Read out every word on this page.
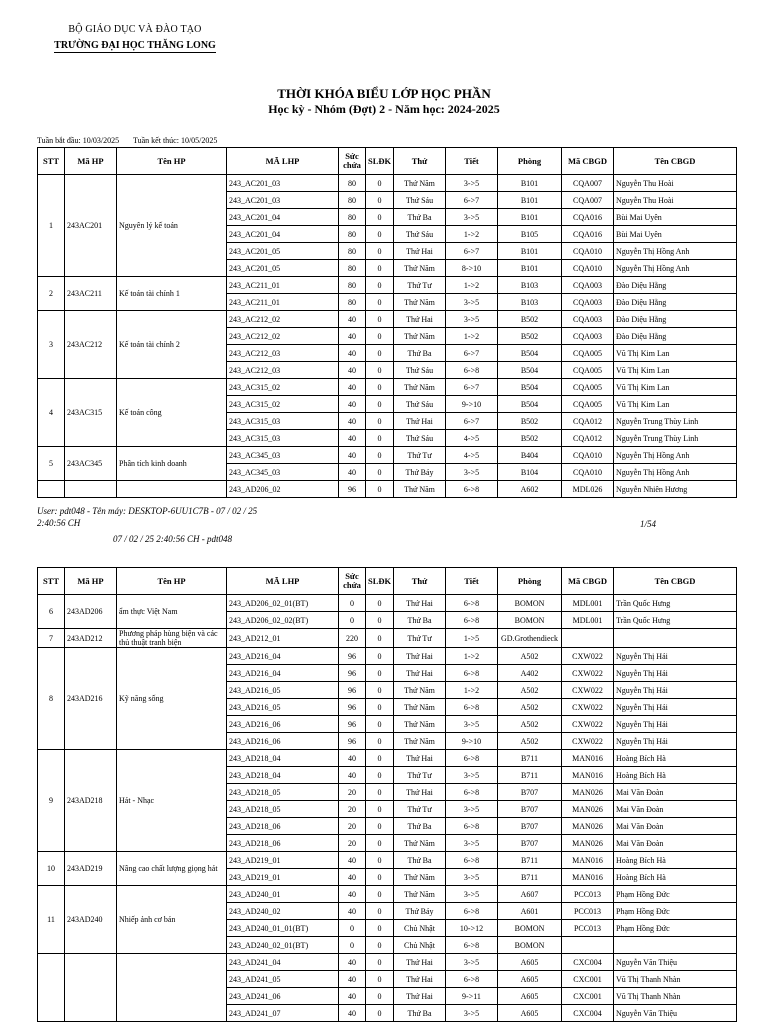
BỘ GIÁO DỤC VÀ ĐÀO TẠO
TRƯỜNG ĐẠI HỌC THĂNG LONG
THỜI KHÓA BIỂU LỚP HỌC PHẦN
Học kỳ - Nhóm (Đợt) 2 - Năm học: 2024-2025
Tuần bắt đầu: 10/03/2025 Tuần kết thúc: 10/05/2025
STT	Mã HP	Tên HP	MÃ LHP	Sức chứa	SLĐK	Thứ	Tiết	Phòng	Mã CBGD	Tên CBGD
1	243AC201	Nguyên lý kế toán	243_AC201_03	80	0	Thứ Năm	3->5	B101	CQA007	Nguyễn Thu Hoài
			243_AC201_03	80	0	Thứ Sáu	6->7	B101	CQA007	Nguyễn Thu Hoài
			243_AC201_04	80	0	Thứ Ba	3->5	B101	CQA016	Bùi Mai Uyên
			243_AC201_04	80	0	Thứ Sáu	1->2	B105	CQA016	Bùi Mai Uyên
			243_AC201_05	80	0	Thứ Hai	6->7	B101	CQA010	Nguyễn Thị Hồng Anh
			243_AC201_05	80	0	Thứ Năm	8->10	B101	CQA010	Nguyễn Thị Hồng Anh
2	243AC211	Kế toán tài chính 1	243_AC211_01	80	0	Thứ Tư	1->2	B103	CQA003	Đào Diệu Hằng
			243_AC211_01	80	0	Thứ Năm	3->5	B103	CQA003	Đào Diệu Hằng
3	243AC212	Kế toán tài chính 2	243_AC212_02	40	0	Thứ Hai	3->5	B502	CQA003	Đào Diệu Hằng
			243_AC212_02	40	0	Thứ Năm	1->2	B502	CQA003	Đào Diệu Hằng
			243_AC212_03	40	0	Thứ Ba	6->7	B504	CQA005	Vũ Thị Kim Lan
			243_AC212_03	40	0	Thứ Sáu	6->8	B504	CQA005	Vũ Thị Kim Lan
4	243AC315	Kế toán công	243_AC315_02	40	0	Thứ Năm	6->7	B504	CQA005	Vũ Thị Kim Lan
			243_AC315_02	40	0	Thứ Sáu	9->10	B504	CQA005	Vũ Thị Kim Lan
			243_AC315_03	40	0	Thứ Hai	6->7	B502	CQA012	Nguyễn Trung Thùy Linh
			243_AC315_03	40	0	Thứ Sáu	4->5	B502	CQA012	Nguyễn Trung Thùy Linh
5	243AC345	Phân tích kinh doanh	243_AC345_03	40	0	Thứ Tư	4->5	B404	CQA010	Nguyễn Thị Hồng Anh
			243_AC345_03	40	0	Thứ Bảy	3->5	B104	CQA010	Nguyễn Thị Hồng Anh
			243_AD206_02	96	0	Thứ Năm	6->8	A602	MDL026	Nguyễn Nhiên Hương
User: pdt048 - Tên máy: DESKTOP-6UU1C7B - 07 / 02 / 25
2:40:56 CH	1/54
07 / 02 / 25 2:40:56 CH - pdt048
STT	Mã HP	Tên HP	MÃ LHP	Sức chứa	SLĐK	Thứ	Tiết	Phòng	Mã CBGD	Tên CBGD
6	243AD206	ẩm thực Việt Nam	243_AD206_02_01(BT)	0	0	Thứ Hai	6->8	BOMON	MDL001	Trần Quốc Hưng
			243_AD206_02_02(BT)	0	0	Thứ Ba	6->8	BOMON	MDL001	Trần Quốc Hưng
7	243AD212	Phương pháp hùng biện và các thủ thuật tranh biện	243_AD212_01	220	0	Thứ Tư	1->5	GD.Grothendieck		
8	243AD216	Kỹ năng sống	243_AD216_04	96	0	Thứ Hai	1->2	A502	CXW022	Nguyễn Thị Hải
			243_AD216_04	96	0	Thứ Hai	6->8	A402	CXW022	Nguyễn Thị Hải
			243_AD216_05	96	0	Thứ Năm	1->2	A502	CXW022	Nguyễn Thị Hải
			243_AD216_05	96	0	Thứ Năm	6->8	A502	CXW022	Nguyễn Thị Hải
			243_AD216_06	96	0	Thứ Năm	3->5	A502	CXW022	Nguyễn Thị Hải
			243_AD216_06	96	0	Thứ Năm	9->10	A502	CXW022	Nguyễn Thị Hải
9	243AD218	Hát - Nhạc	243_AD218_04	40	0	Thứ Hai	6->8	B711	MAN016	Hoàng Bích Hà
			243_AD218_04	40	0	Thứ Tư	3->5	B711	MAN016	Hoàng Bích Hà
			243_AD218_05	20	0	Thứ Hai	6->8	B707	MAN026	Mai Văn Đoàn
			243_AD218_05	20	0	Thứ Tư	3->5	B707	MAN026	Mai Văn Đoàn
			243_AD218_06	20	0	Thứ Ba	6->8	B707	MAN026	Mai Văn Đoàn
			243_AD218_06	20	0	Thứ Năm	3->5	B707	MAN026	Mai Văn Đoàn
10	243AD219	Nâng cao chất lượng giọng hát	243_AD219_01	40	0	Thứ Ba	6->8	B711	MAN016	Hoàng Bích Hà
			243_AD219_01	40	0	Thứ Năm	3->5	B711	MAN016	Hoàng Bích Hà
11	243AD240	Nhiếp ảnh cơ bản	243_AD240_01	40	0	Thứ Năm	3->5	A607	PCC013	Phạm Hồng Đức
			243_AD240_02	40	0	Thứ Bảy	6->8	A601	PCC013	Phạm Hồng Đức
			243_AD240_01_01(BT)	0	0	Chủ Nhật	10->12	BOMON	PCC013	Phạm Hồng Đức
			243_AD240_02_01(BT)	0	0	Chủ Nhật	6->8	BOMON		
			243_AD241_04	40	0	Thứ Hai	3->5	A605	CXC004	Nguyễn Văn Thiệu
			243_AD241_05	40	0	Thứ Hai	6->8	A605	CXC001	Vũ Thị Thanh Nhàn
			243_AD241_06	40	0	Thứ Hai	9->11	A605	CXC001	Vũ Thị Thanh Nhàn
			243_AD241_07	40	0	Thứ Ba	3->5	A605	CXC004	Nguyễn Văn Thiệu
